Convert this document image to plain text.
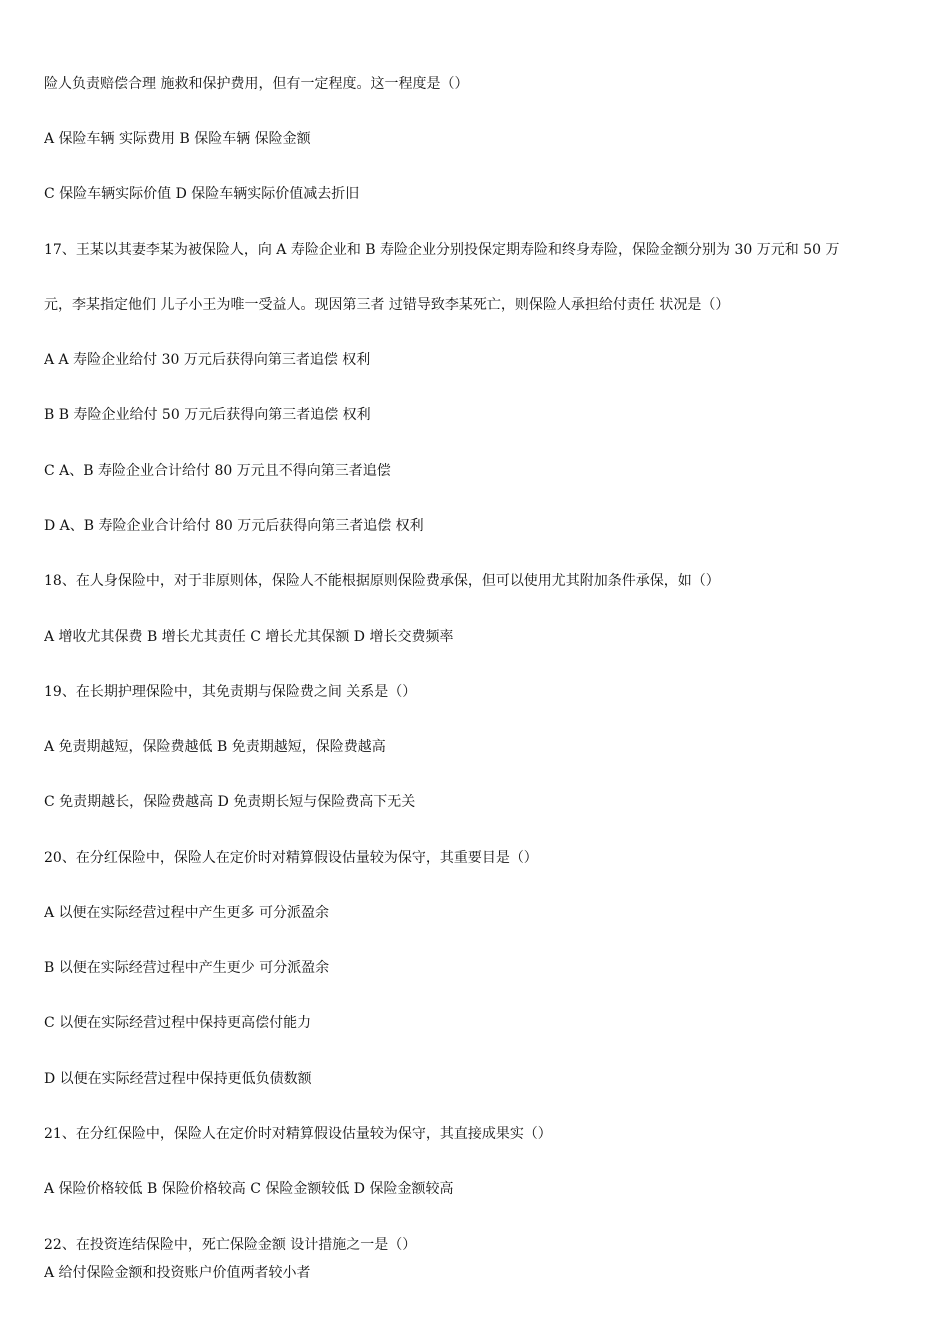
险人负责赔偿合理 施救和保护费用，但有一定程度。这一程度是（）
A 保险车辆 实际费用 B 保险车辆 保险金额
C 保险车辆实际价值 D 保险车辆实际价值减去折旧
17、王某以其妻李某为被保险人，向 A 寿险企业和 B 寿险企业分别投保定期寿险和终身寿险，保险金额分别为 30 万元和 50 万
元，李某指定他们 儿子小王为唯一受益人。现因第三者 过错导致李某死亡，则保险人承担给付责任 状况是（）
A A 寿险企业给付 30 万元后获得向第三者追偿 权利
B B 寿险企业给付 50 万元后获得向第三者追偿 权利
C A、B 寿险企业合计给付 80 万元且不得向第三者追偿
D A、B 寿险企业合计给付 80 万元后获得向第三者追偿 权利
18、在人身保险中，对于非原则体，保险人不能根据原则保险费承保，但可以使用尤其附加条件承保，如（）
A 增收尤其保费 B 增长尤其责任 C 增长尤其保额 D 增长交费频率
19、在长期护理保险中，其免责期与保险费之间 关系是（）
A 免责期越短，保险费越低 B 免责期越短，保险费越高
C 免责期越长，保险费越高 D 免责期长短与保险费高下无关
20、在分红保险中，保险人在定价时对精算假设估量较为保守，其重要目是（）
A 以便在实际经营过程中产生更多 可分派盈余
B 以便在实际经营过程中产生更少 可分派盈余
C 以便在实际经营过程中保持更高偿付能力
D 以便在实际经营过程中保持更低负债数额
21、在分红保险中，保险人在定价时对精算假设估量较为保守，其直接成果实（）
A 保险价格较低 B 保险价格较高 C 保险金额较低 D 保险金额较高
22、在投资连结保险中，死亡保险金额 设计措施之一是（）
A 给付保险金额和投资账户价值两者较小者
